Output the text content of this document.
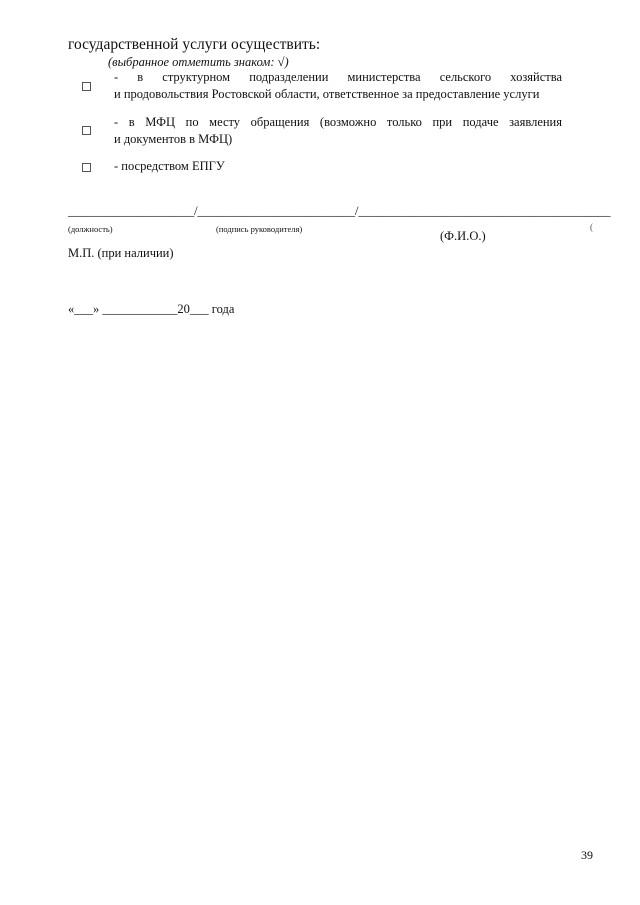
государственной услуги осуществить:
(выбранное отметить знаком: √)
- в структурном подразделении министерства сельского хозяйства
и продовольствия Ростовской области, ответственное за предоставление услуги
- в МФЦ по месту обращения (возможно только при подаче заявления
и документов в МФЦ)
- посредством ЕПГУ
____________________/_________________________/________________________________________
(должность)	(подпись руководителя)	(Ф.И.О.)
(
М.П. (при наличии)
«___» ____________20___ года
39
